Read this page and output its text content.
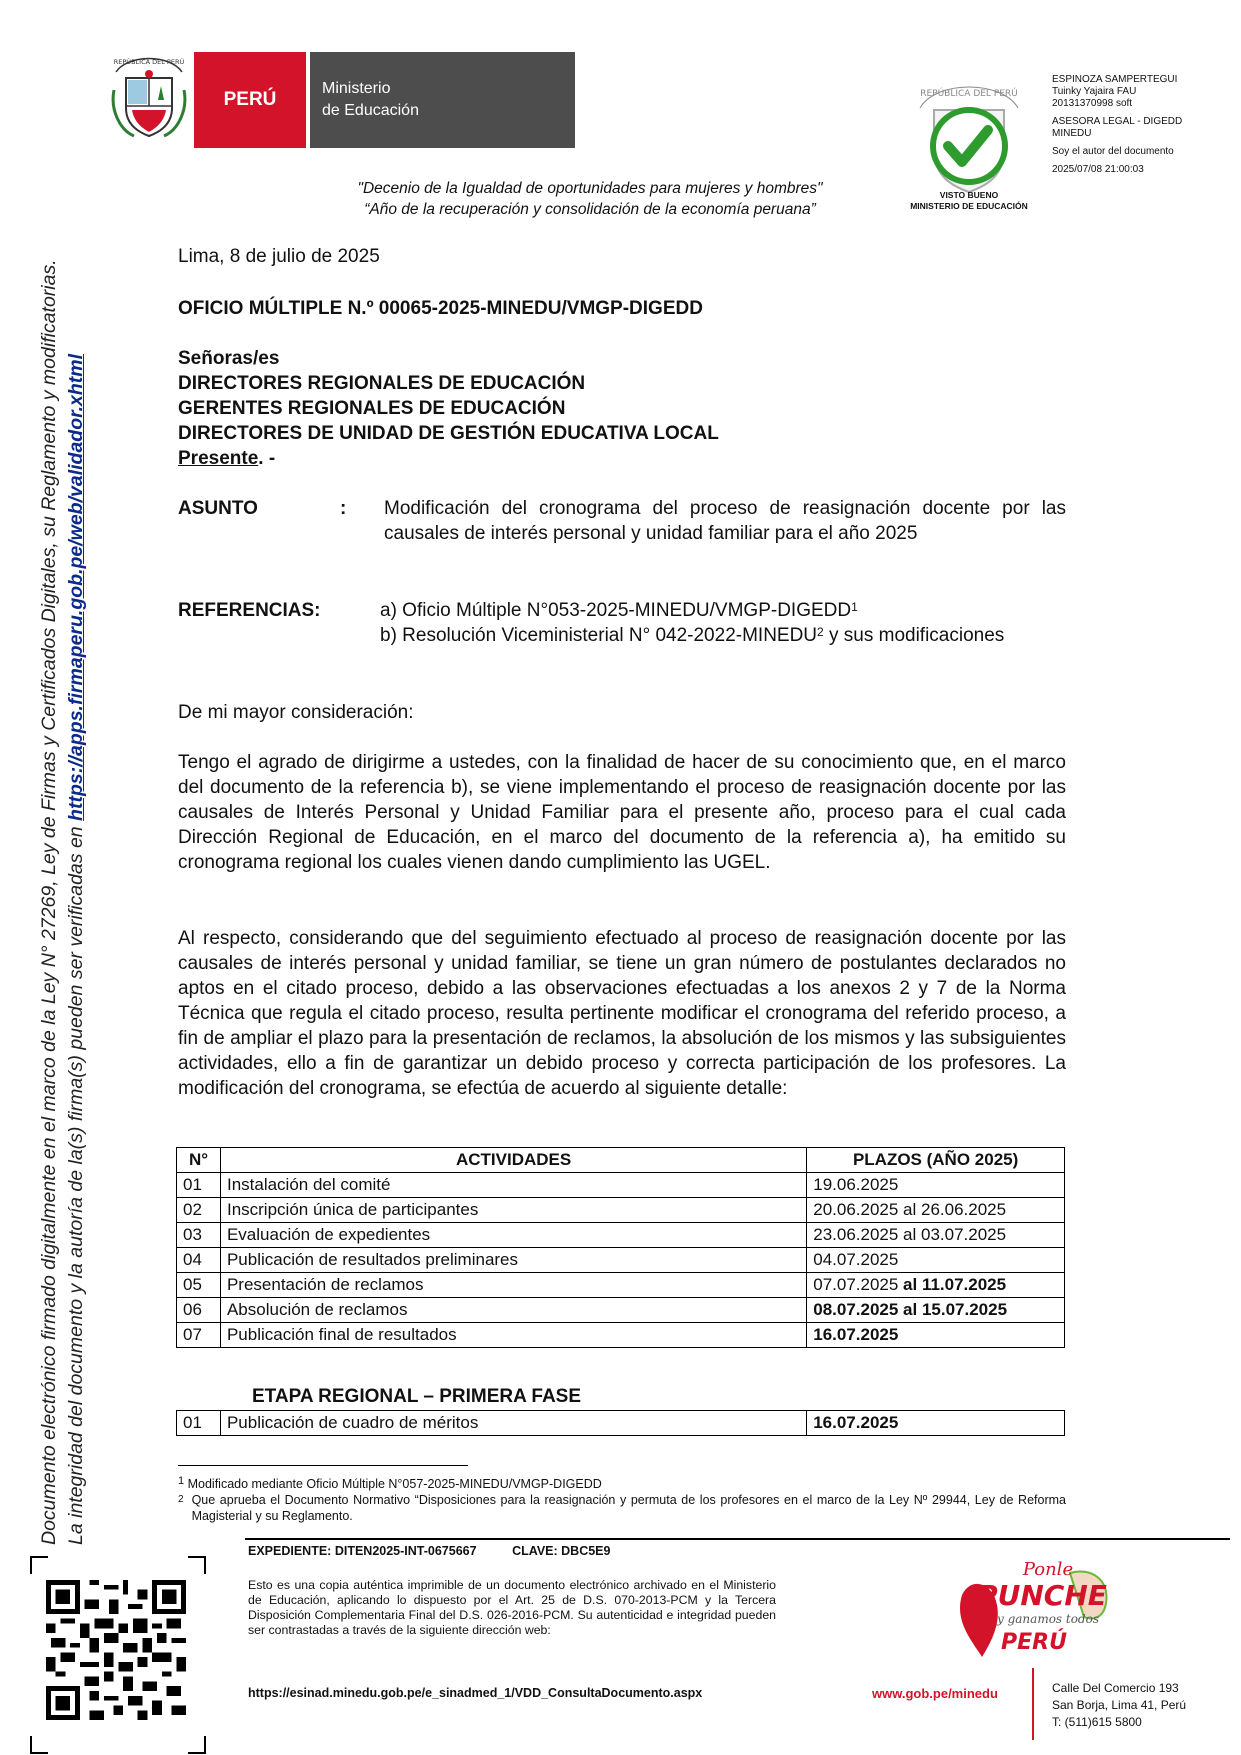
REPÚBLICA DEL PERÚ
PERÚ
Ministerio
de Educación
"Decenio de la Igualdad de oportunidades para mujeres y hombres"
“Año de la recuperación y consolidación de la economía peruana”
REPÚBLICA DEL PERÚ
VISTO BUENO
MINISTERIO DE EDUCACIÓN

ESPINOZA SAMPERTEGUI
Tuinky Yajaira FAU
20131370998 soft

ASESORA LEGAL - DIGEDD
MINEDU

Soy el autor del documento

2025/07/08 21:00:03

Documento electrónico firmado digitalmente en el marco de la Ley N° 27269, Ley de Firmas y Certificados Digitales, su Reglamento y modificatorias. La integridad del documento y la autoría de la(s) firma(s) pueden ser verificadas en https://apps.firmaperu.gob.pe/web/validador.xhtml
Lima, 8 de julio de 2025
OFICIO MÚLTIPLE N.º 00065-2025-MINEDU/VMGP-DIGEDD
Señoras/es
DIRECTORES REGIONALES DE EDUCACIÓN
GERENTES REGIONALES DE EDUCACIÓN
DIRECTORES DE UNIDAD DE GESTIÓN EDUCATIVA LOCAL
Presente. -
ASUNTO	: Modificación del cronograma del proceso de reasignación docente por las causales de interés personal y unidad familiar para el año 2025
REFERENCIAS:	a) Oficio Múltiple N°053-2025-MINEDU/VMGP-DIGEDD$^1$
b) Resolución Viceministerial N° 042-2022-MINEDU$^2$ y sus modificaciones
De mi mayor consideración:
Tengo el agrado de dirigirme a ustedes, con la finalidad de hacer de su conocimiento que, en el marco del documento de la referencia b), se viene implementando el proceso de reasignación docente por las causales de Interés Personal y Unidad Familiar para el presente año, proceso para el cual cada Dirección Regional de Educación, en el marco del documento de la referencia a), ha emitido su cronograma regional los cuales vienen dando cumplimiento las UGEL.
Al respecto, considerando que del seguimiento efectuado al proceso de reasignación docente por las causales de interés personal y unidad familiar, se tiene un gran número de postulantes declarados no aptos en el citado proceso, debido a las observaciones efectuadas a los anexos 2 y 7 de la Norma Técnica que regula el citado proceso, resulta pertinente modificar el cronograma del referido proceso, a fin de ampliar el plazo para la presentación de reclamos, la absolución de los mismos y las subsiguientes actividades, ello a fin de garantizar un debido proceso y correcta participación de los profesores. La modificación del cronograma, se efectúa de acuerdo al siguiente detalle:
N°	ACTIVIDADES	PLAZOS (AÑO 2025)
01	Instalación del comité	19.06.2025
02	Inscripción única de participantes	20.06.2025 al 26.06.2025
03	Evaluación de expedientes	23.06.2025 al 03.07.2025
04	Publicación de resultados preliminares	04.07.2025
05	Presentación de reclamos	07.07.2025 al 11.07.2025
06	Absolución de reclamos	08.07.2025 al 15.07.2025
07	Publicación final de resultados	16.07.2025
ETAPA REGIONAL – PRIMERA FASE
01	Publicación de cuadro de méritos	16.07.2025
$^1$ Modificado mediante Oficio Múltiple N°057-2025-MINEDU/VMGP-DIGEDD
2 Que aprueba el Documento Normativo “Disposiciones para la reasignación y permuta de los profesores en el marco de la Ley Nº 29944, Ley de Reforma Magisterial y su Reglamento.
EXPEDIENTE: DITEN2025-INT-0675667	CLAVE: DBC5E9
Esto es una copia auténtica imprimible de un documento electrónico archivado en el Ministerio de Educación, aplicando lo dispuesto por el Art. 25 de D.S. 070-2013-PCM y la Tercera Disposición Complementaria Final del D.S. 026-2016-PCM. Su autenticidad e integridad pueden ser contrastadas a través de la siguiente dirección web:
https://esinad.minedu.gob.pe/e_sinadmed_1/VDD_ConsultaDocumento.aspx	www.gob.pe/minedu
Ponle
PUNCHE
y ganamos todos
PERÚ
Calle Del Comercio 193
San Borja, Lima 41, Perú
T: (511)615 5800
